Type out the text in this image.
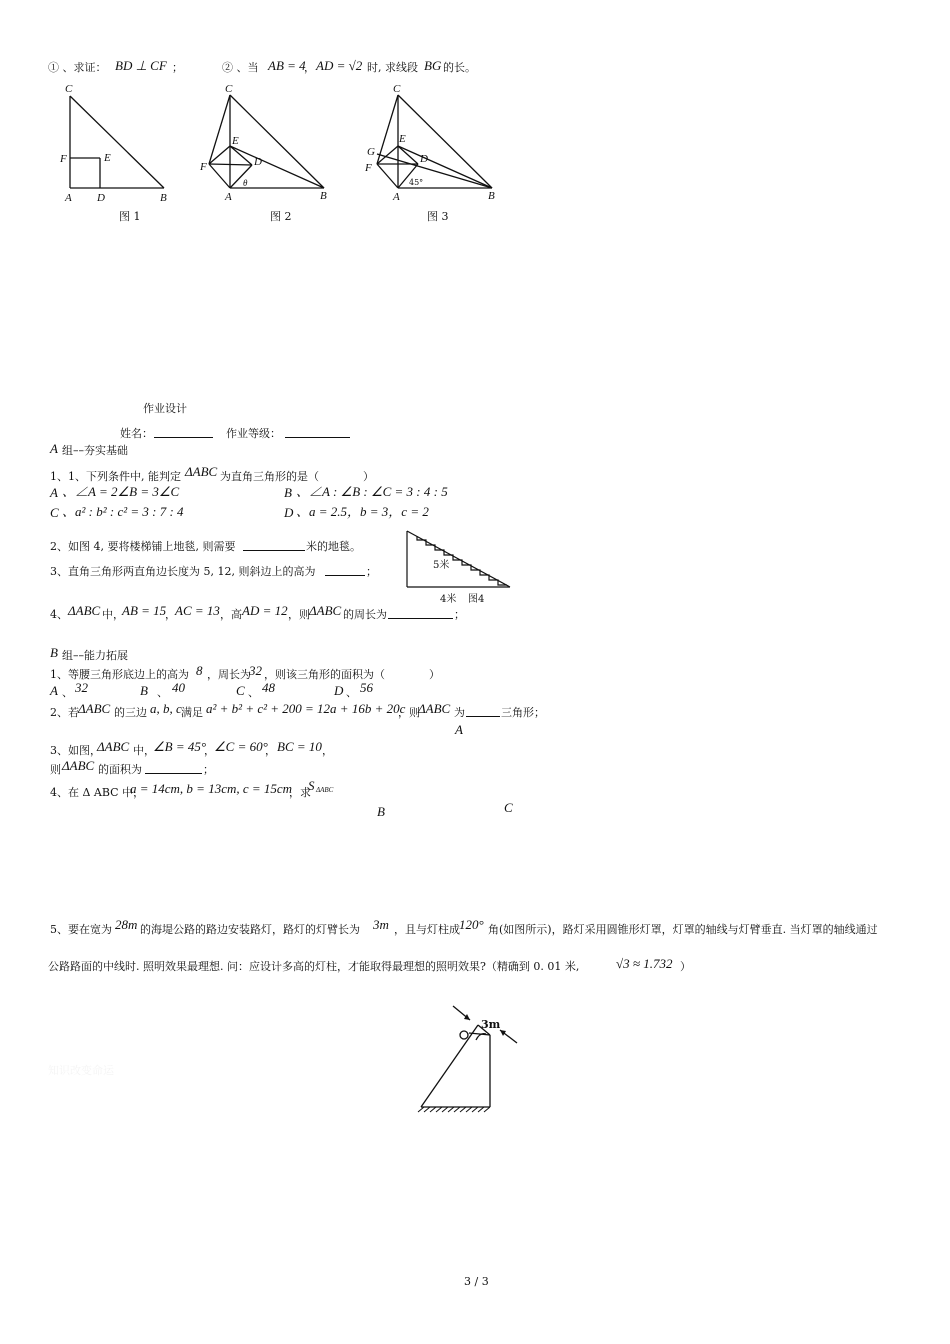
① 、求证： BD ⊥ CF ；	② 、当 AB = 4
， AD = √2 时, 求线段 BG 的长。
C
F	E
A D	B
C
E
D
F
θ
A	B
C
E
G
D
F
45°
A	B
3m
图 1	图 2	图 3
作业设计
姓名：	作业等级：
A 组––夯实基础
1、1、下列条件中, 能判定 ΔABC 为直角三角形的是（　　　　）
A 、∠A = 2∠B = 3∠C	B 、∠A : ∠B : ∠C = 3 : 4 : 5
C 、a² : b² : c² = 3 : 7 : 4	D 、a = 2.5，b = 3，c = 2
2、如图 4, 要将楼梯铺上地毯, 则需要	米的地毯。
3、直角三角形两直角边长度为 5, 12, 则斜边上的高为	；	5米
4米 图4
4、 ΔABC 中，
AB = 15
， AC = 13 ，高 AD = 12 ，则 ΔABC 的周长为	；
B 组––能力拓展
1、等腰三角形底边上的高为 8 ，周长为
32 ，则该三角形的面积为（　　　　）
A 、 32	B 、 40	C 、 48	D 、 56
2、若 ΔABC 的三边 a, b, c 满足 a² + b² + c² + 200 = 12a + 16b + 20c
，则
ΔABC 为	三角形；
A
3、如图，
ΔABC 中，
∠B = 45°
， ∠C = 60°
， BC = 10 ，
则 ΔABC 的面积为	；
4、在 Δ ABC 中，
a = 14cm, b = 13cm, c = 15cm
，求
S ΔABC
B	C
5、要在宽为 28m 的海堤公路的路边安装路灯，路灯的灯臂长为 3m ，且与灯柱成 120° 角(如图所示)，路灯采用圆锥形灯罩，灯罩的轴线与灯臂垂直. 当灯罩的轴线通过
公路路面的中线时. 照明效果最理想. 问：应设计多高的灯柱，才能取得最理想的照明效果?（精确到 0. 01 米,	√3 ≈ 1.732 ）
知识改变命运
3 / 3
